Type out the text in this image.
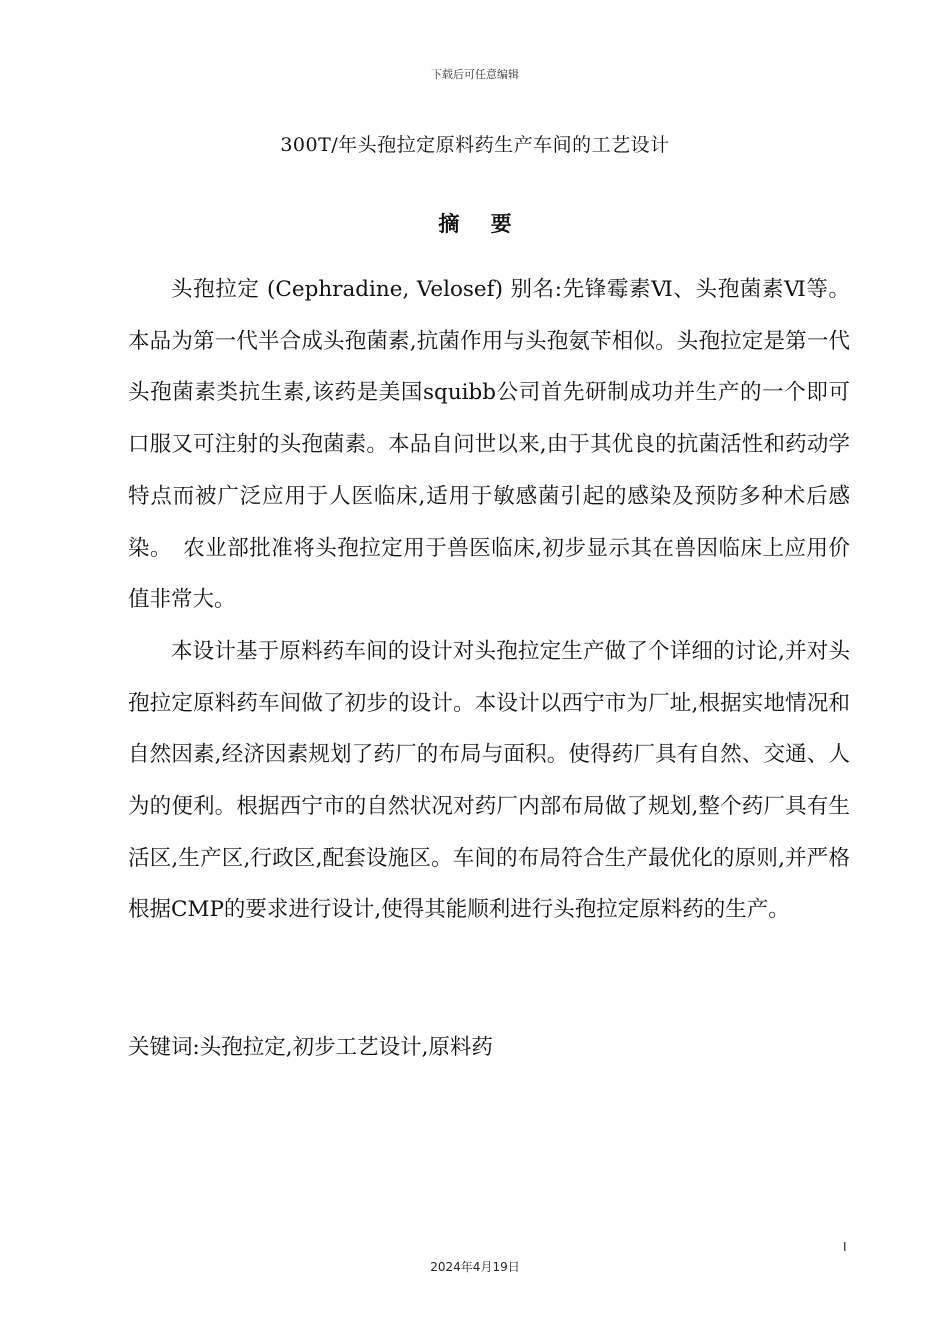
下载后可任意编辑
300T/年头孢拉定原料药生产车间的工艺设计
摘 要

头孢拉定 (Cephradine, Velosef) 别名:先锋霉素Ⅵ、头孢菌素Ⅵ等。本品为第一代半合成头孢菌素,抗菌作用与头孢氨苄相似。头孢拉定是第一代头孢菌素类抗生素,该药是美国squibb公司首先研制成功并生产的一个即可口服又可注射的头孢菌素。本品自问世以来,由于其优良的抗菌活性和药动学特点而被广泛应用于人医临床,适用于敏感菌引起的感染及预防多种术后感染。　农业部批准将头孢拉定用于兽医临床,初步显示其在兽因临床上应用价值非常大。

本设计基于原料药车间的设计对头孢拉定生产做了个详细的讨论,并对头孢拉定原料药车间做了初步的设计。本设计以西宁市为厂址,根据实地情况和自然因素,经济因素规划了药厂的布局与面积。使得药厂具有自然、交通、人为的便利。根据西宁市的自然状况对药厂内部布局做了规划,整个药厂具有生活区,生产区,行政区,配套设施区。车间的布局符合生产最优化的原则,并严格根据CMP的要求进行设计,使得其能顺利进行头孢拉定原料药的生产。

关键词:头孢拉定,初步工艺设计,原料药
I
2024年4月19日
